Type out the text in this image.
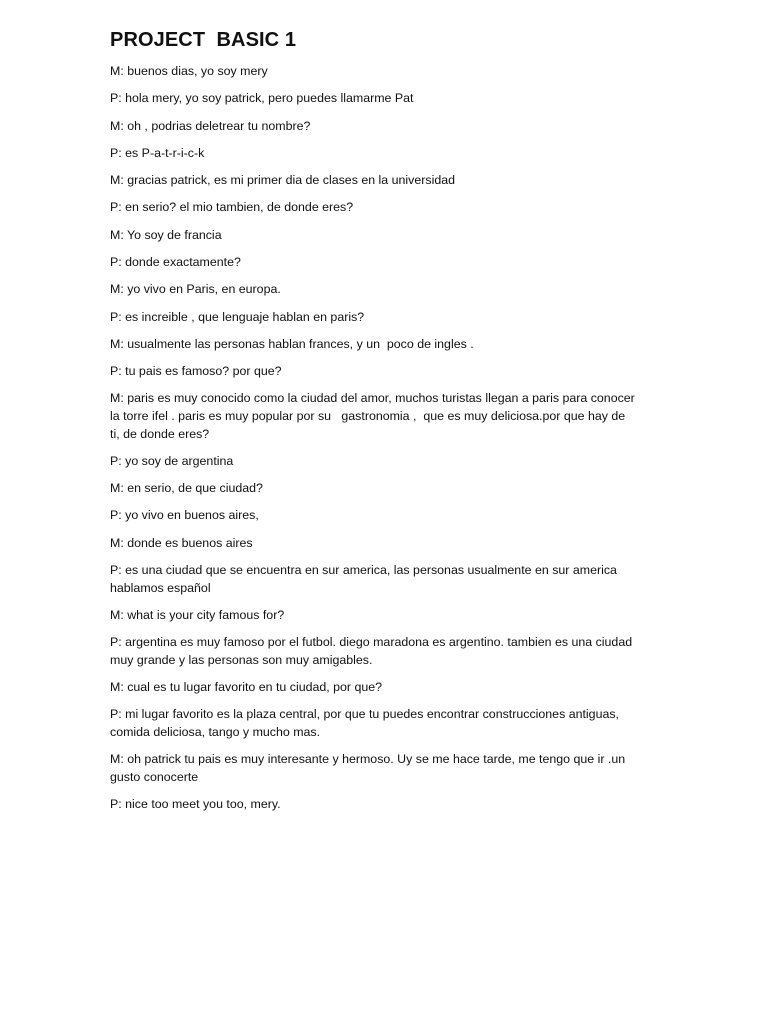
PROJECT  BASIC 1
M: buenos dias, yo soy mery
P: hola mery, yo soy patrick, pero puedes llamarme Pat
M: oh , podrias deletrear tu nombre?
P: es P-a-t-r-i-c-k
M: gracias patrick, es mi primer dia de clases en la universidad
P: en serio? el mio tambien, de donde eres?
M: Yo soy de francia
P: donde exactamente?
M: yo vivo en Paris, en europa.
P: es increible , que lenguaje hablan en paris?
M: usualmente las personas hablan frances, y un  poco de ingles .
P: tu pais es famoso? por que?
M: paris es muy conocido como la ciudad del amor, muchos turistas llegan a paris para conocer
la torre ifel . paris es muy popular por su   gastronomia ,  que es muy deliciosa.por que hay de
ti, de donde eres?
P: yo soy de argentina
M: en serio, de que ciudad?
P: yo vivo en buenos aires,
M: donde es buenos aires
P: es una ciudad que se encuentra en sur america, las personas usualmente en sur america
hablamos español
M: what is your city famous for?
P: argentina es muy famoso por el futbol. diego maradona es argentino. tambien es una ciudad
muy grande y las personas son muy amigables.
M: cual es tu lugar favorito en tu ciudad, por que?
P: mi lugar favorito es la plaza central, por que tu puedes encontrar construcciones antiguas,
comida deliciosa, tango y mucho mas.
M: oh patrick tu pais es muy interesante y hermoso. Uy se me hace tarde, me tengo que ir .un
gusto conocerte
P: nice too meet you too, mery.
